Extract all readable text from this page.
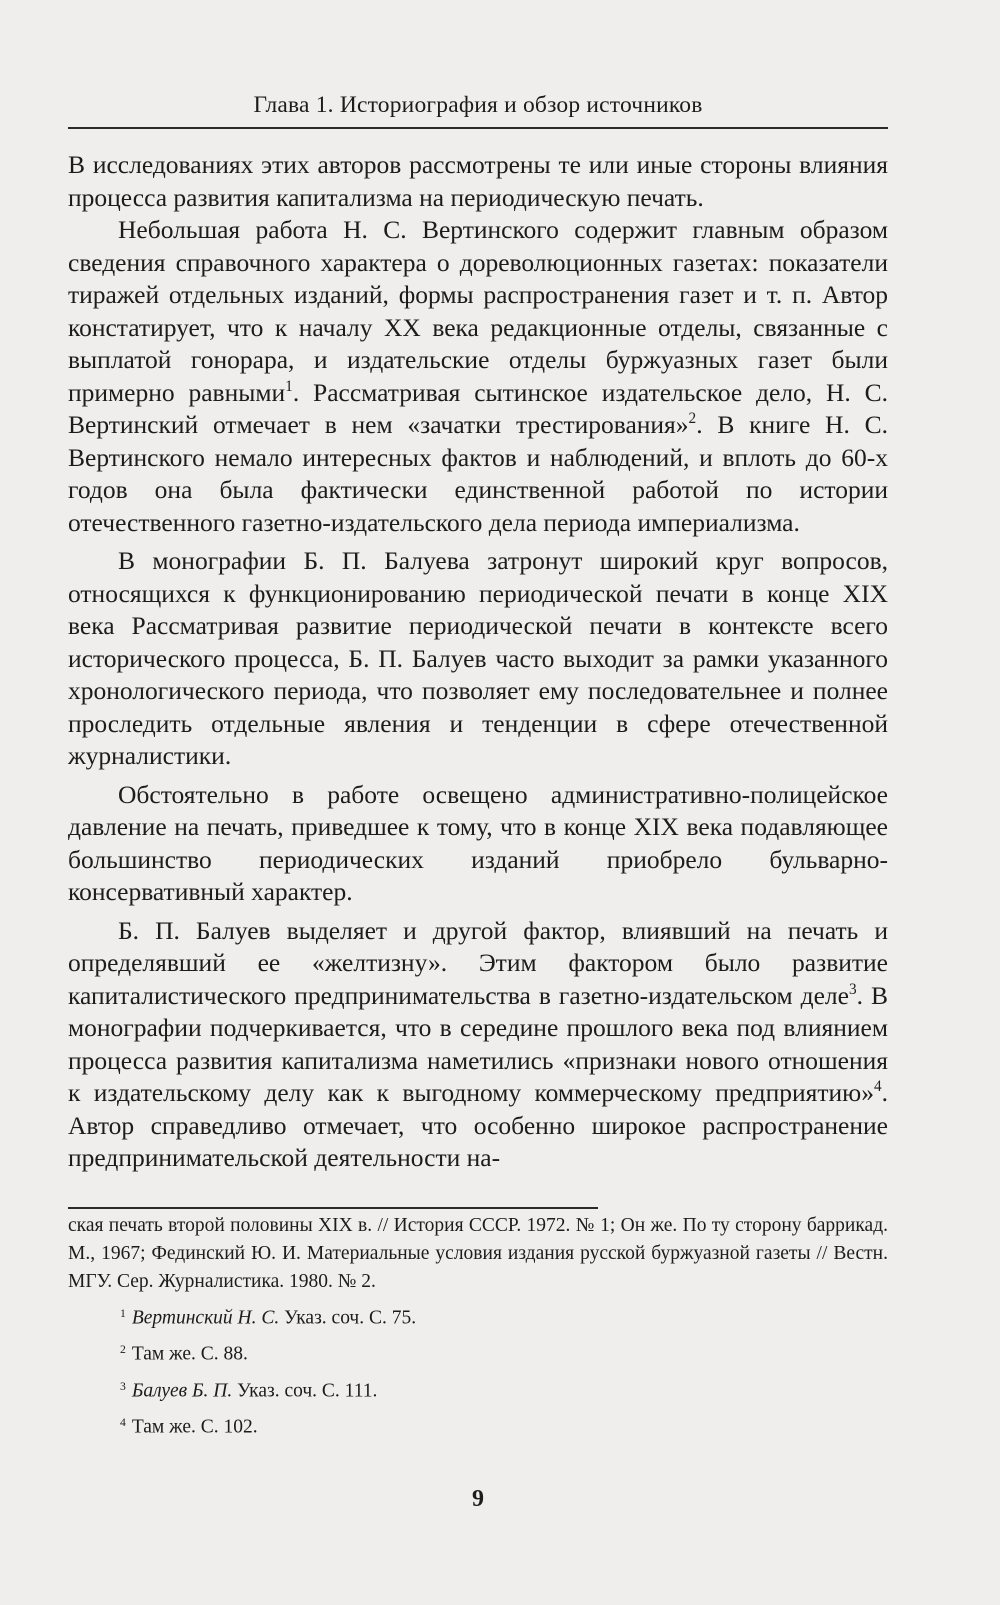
Глава 1. Историография и обзор источников

В исследованиях этих авторов рассмотрены те или иные стороны влияния процесса развития капитализма на периодическую печать.

Небольшая работа Н. С. Вертинского содержит главным образом сведения справочного характера о дореволюционных газетах: показатели тиражей отдельных изданий, формы распространения газет и т. п. Автор констатирует, что к началу XX века редакционные отделы, связанные с выплатой гонорара, и издательские отделы буржуазных газет были примерно равными$^1$. Рассматривая сытинское издательское дело, Н. С. Вертинский отмечает в нем «зачатки трестирования»$^2$. В книге Н. С. Вертинского немало интересных фактов и наблюдений, и вплоть до 60-х годов она была фактически единственной работой по истории отечественного газетно-издательского дела периода империализма.

В монографии Б. П. Балуева затронут широкий круг вопросов, относящихся к функционированию периодической печати в конце XIX века Рассматривая развитие периодической печати в контексте всего исторического процесса, Б. П. Балуев часто выходит за рамки указанного хронологического периода, что позволяет ему последовательнее и полнее проследить отдельные явления и тенденции в сфере отечественной журналистики.

Обстоятельно в работе освещено административно-полицейское давление на печать, приведшее к тому, что в конце XIX века подавляющее большинство периодических изданий приобрело бульварно-консервативный характер.

Б. П. Балуев выделяет и другой фактор, влиявший на печать и определявший ее «желтизну». Этим фактором было развитие капиталистического предпринимательства в газетно-издательском деле$^3$. В монографии подчеркивается, что в середине прошлого века под влиянием процесса развития капитализма наметились «признаки нового отношения к издательскому делу как к выгодному коммерческому предприятию»$^4$. Автор справедливо отмечает, что особенно широкое распространение предпринимательской деятельности на-

ская печать второй половины XIX в. // История СССР. 1972. № 1; Он же. По ту сторону баррикад. М., 1967; Фединский Ю. И. Материальные условия издания русской буржуазной газеты // Вестн. МГУ. Сер. Журналистика. 1980. № 2.

$^1$ Вертинский Н. С. Указ. соч. С. 75.

$^2$ Там же. С. 88.

$^3$ Балуев Б. П. Указ. соч. С. 111.

$^4$ Там же. С. 102.

9
